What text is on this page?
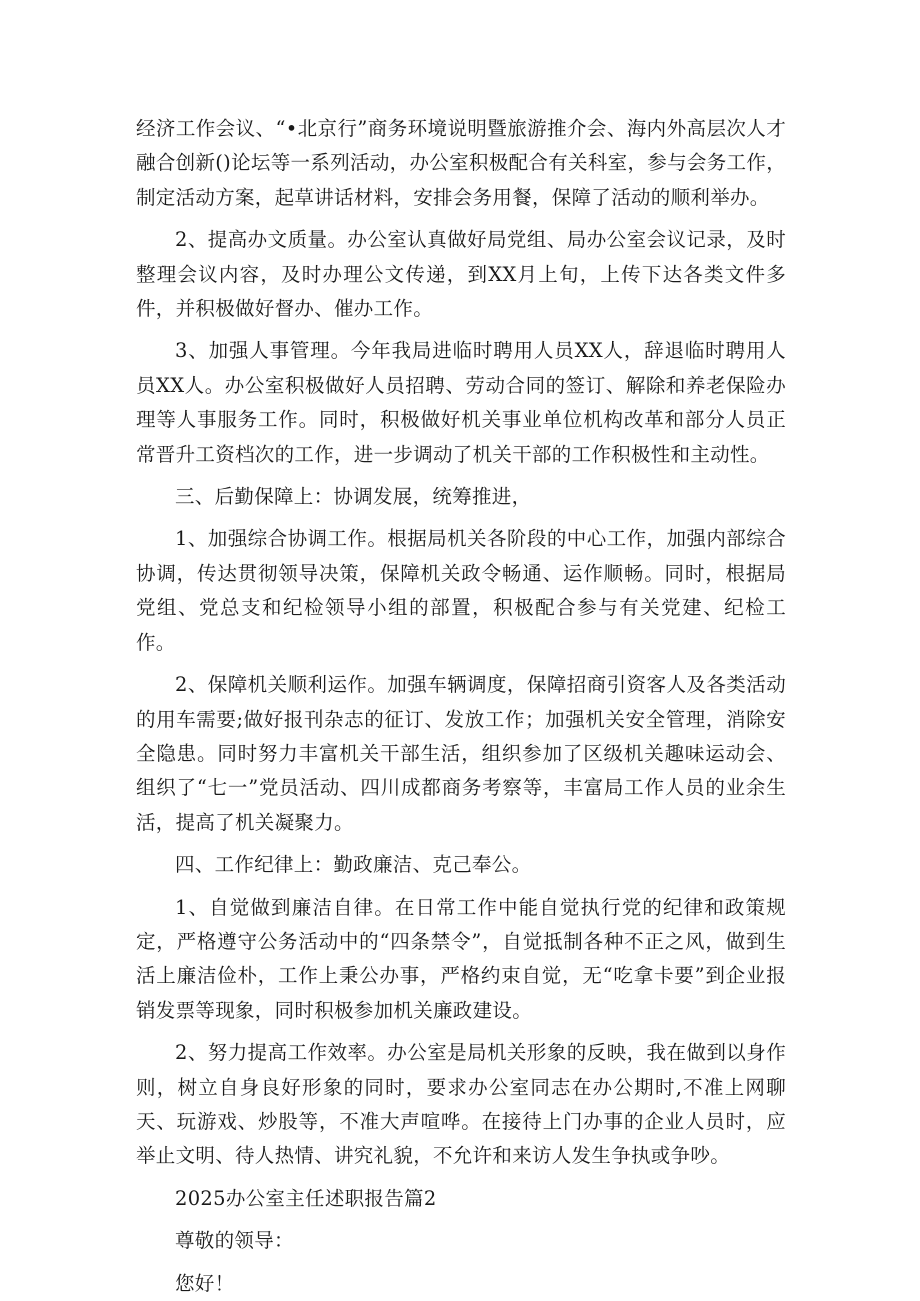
经济工作会议、“•北京行”商务环境说明暨旅游推介会、海内外高层次人才融合创新()论坛等一系列活动，办公室积极配合有关科室，参与会务工作，制定活动方案，起草讲话材料，安排会务用餐，保障了活动的顺利举办。

2、提高办文质量。办公室认真做好局党组、局办公室会议记录，及时整理会议内容，及时办理公文传递，到XX月上旬，上传下达各类文件多件，并积极做好督办、催办工作。

3、加强人事管理。今年我局进临时聘用人员XX人，辞退临时聘用人员XX人。办公室积极做好人员招聘、劳动合同的签订、解除和养老保险办理等人事服务工作。同时，积极做好机关事业单位机构改革和部分人员正常晋升工资档次的工作，进一步调动了机关干部的工作积极性和主动性。

三、后勤保障上：协调发展，统筹推进，

1、加强综合协调工作。根据局机关各阶段的中心工作，加强内部综合协调，传达贯彻领导决策，保障机关政令畅通、运作顺畅。同时，根据局党组、党总支和纪检领导小组的部置，积极配合参与有关党建、纪检工作。

2、保障机关顺利运作。加强车辆调度，保障招商引资客人及各类活动的用车需要;做好报刊杂志的征订、发放工作；加强机关安全管理，消除安全隐患。同时努力丰富机关干部生活，组织参加了区级机关趣味运动会、组织了“七一”党员活动、四川成都商务考察等，丰富局工作人员的业余生活，提高了机关凝聚力。

四、工作纪律上：勤政廉洁、克己奉公。

1、自觉做到廉洁自律。在日常工作中能自觉执行党的纪律和政策规定，严格遵守公务活动中的“四条禁令”，自觉抵制各种不正之风，做到生活上廉洁俭朴，工作上秉公办事，严格约束自觉，无“吃拿卡要”到企业报销发票等现象，同时积极参加机关廉政建设。

2、努力提高工作效率。办公室是局机关形象的反映，我在做到以身作则，树立自身良好形象的同时，要求办公室同志在办公期时,不准上网聊天、玩游戏、炒股等，不准大声喧哗。在接待上门办事的企业人员时，应举止文明、待人热情、讲究礼貌，不允许和来访人发生争执或争吵。

2025办公室主任述职报告篇2

尊敬的领导：

您好！
